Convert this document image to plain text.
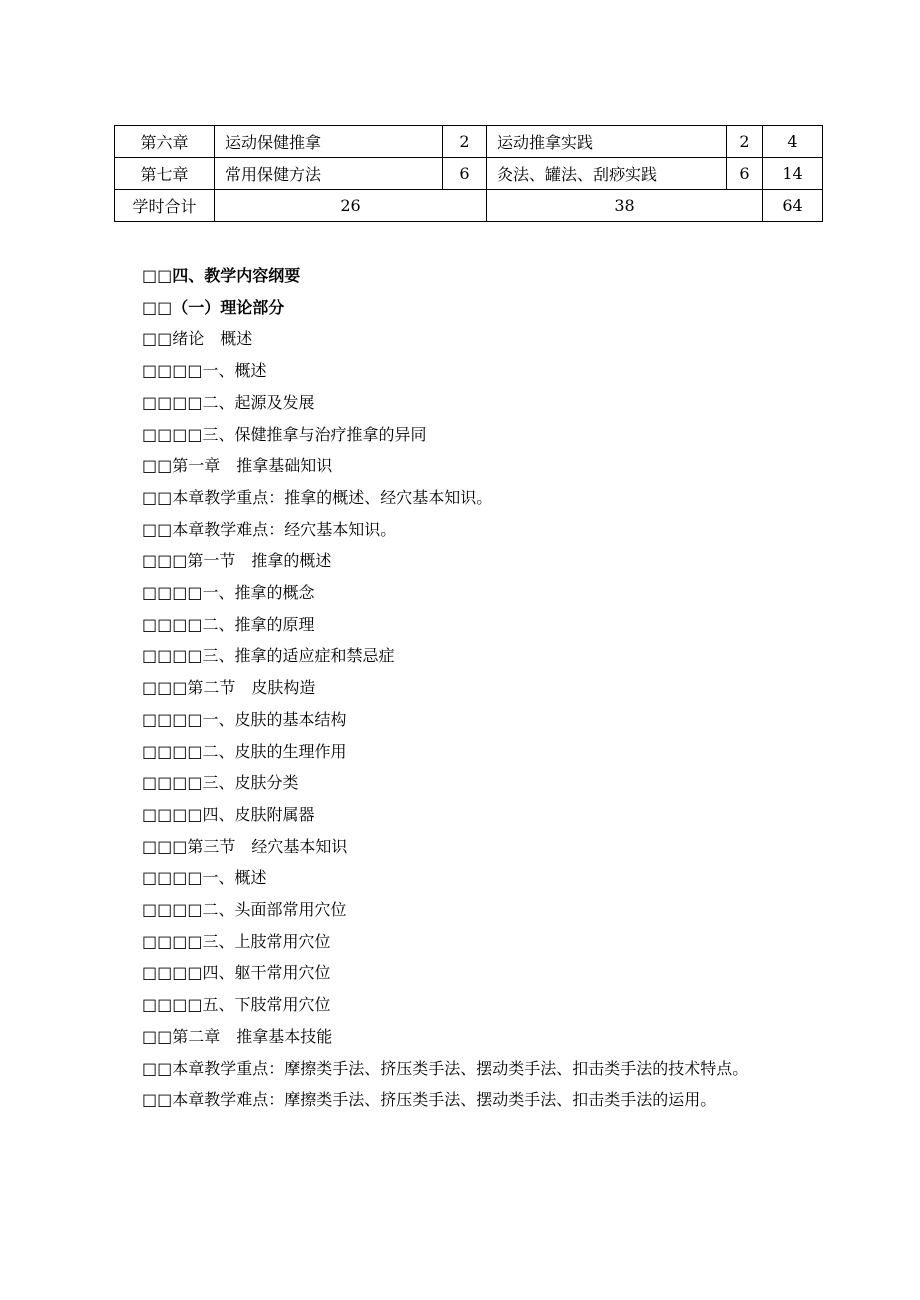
第六章	运动保健推拿	2	运动推拿实践	2	4
第七章	常用保健方法	6	灸法、罐法、刮痧实践	6	14
学时合计	26		38		64
□□四、教学内容纲要
□□（一）理论部分
□□绪论　概述
□□□□一、概述
□□□□二、起源及发展
□□□□三、保健推拿与治疗推拿的异同
□□第一章　推拿基础知识
□□本章教学重点：推拿的概述、经穴基本知识。
□□本章教学难点：经穴基本知识。
□□□第一节　推拿的概述
□□□□一、推拿的概念
□□□□二、推拿的原理
□□□□三、推拿的适应症和禁忌症
□□□第二节　皮肤构造
□□□□一、皮肤的基本结构
□□□□二、皮肤的生理作用
□□□□三、皮肤分类
□□□□四、皮肤附属器
□□□第三节　经穴基本知识
□□□□一、概述
□□□□二、头面部常用穴位
□□□□三、上肢常用穴位
□□□□四、躯干常用穴位
□□□□五、下肢常用穴位
□□第二章　推拿基本技能
□□本章教学重点：摩擦类手法、挤压类手法、摆动类手法、扣击类手法的技术特点。
□□本章教学难点：摩擦类手法、挤压类手法、摆动类手法、扣击类手法的运用。
